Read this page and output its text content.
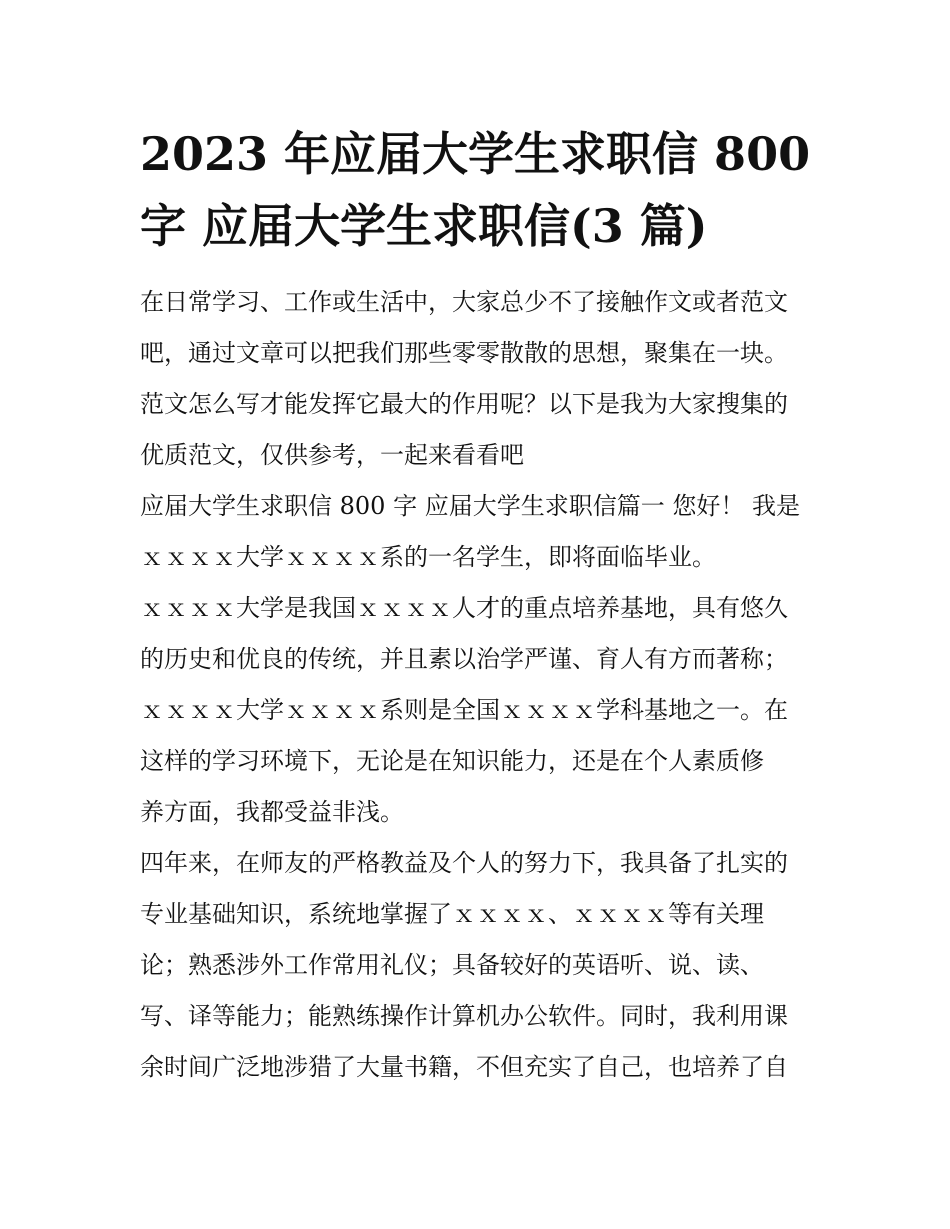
2023 年应届大学生求职信 800
字 应届大学生求职信(3 篇)
在日常学习、工作或生活中，大家总少不了接触作文或者范文
吧，通过文章可以把我们那些零零散散的思想，聚集在一块。
范文怎么写才能发挥它最大的作用呢？以下是我为大家搜集的
优质范文，仅供参考，一起来看看吧
应届大学生求职信 800 字 应届大学生求职信篇一 您好！ 我是
ｘｘｘｘ大学ｘｘｘｘ系的一名学生，即将面临毕业。
ｘｘｘｘ大学是我国ｘｘｘｘ人才的重点培养基地，具有悠久
的历史和优良的传统，并且素以治学严谨、育人有方而著称；
ｘｘｘｘ大学ｘｘｘｘ系则是全国ｘｘｘｘ学科基地之一。在
这样的学习环境下，无论是在知识能力，还是在个人素质修
养方面，我都受益非浅。
四年来，在师友的严格教益及个人的努力下，我具备了扎实的
专业基础知识，系统地掌握了ｘｘｘｘ、ｘｘｘｘ等有关理
论；熟悉涉外工作常用礼仪；具备较好的英语听、说、读、
写、译等能力；能熟练操作计算机办公软件。同时，我利用课
余时间广泛地涉猎了大量书籍，不但充实了自己，也培养了自
